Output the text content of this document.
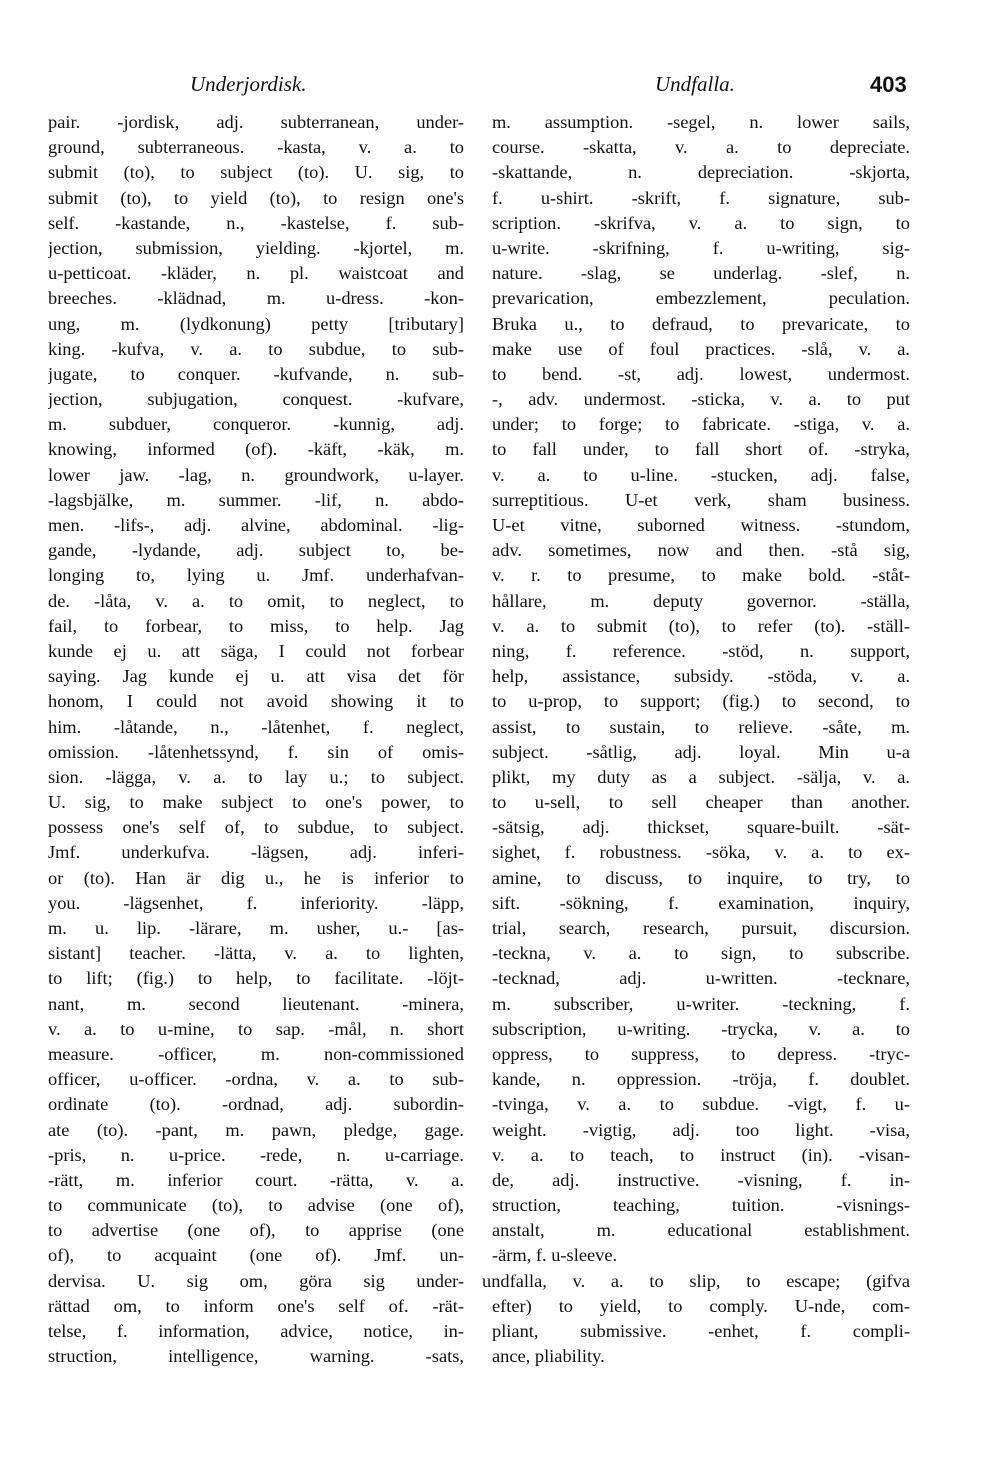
Underjordisk.	Undfalla.	403
pair. -jordisk, adj. subterranean, under-
ground, subterraneous. -kasta, v. a. to
submit (to), to subject (to). U. sig, to
submit (to), to yield (to), to resign one's
self. -kastande, n., -kastelse, f. sub-
jection, submission, yielding. -kjortel, m.
u-petticoat. -kläder, n. pl. waistcoat and
breeches. -klädnad, m. u-dress. -kon-
ung, m. (lydkonung) petty [tributary]
king. -kufva, v. a. to subdue, to sub-
jugate, to conquer. -kufvande, n. sub-
jection, subjugation, conquest. -kufvare,
m. subduer, conqueror. -kunnig, adj.
knowing, informed (of). -käft, -käk, m.
lower jaw. -lag, n. groundwork, u-layer.
-lagsbjälke, m. summer. -lif, n. abdo-
men. -lifs-, adj. alvine, abdominal. -lig-
gande, -lydande, adj. subject to, be-
longing to, lying u. Jmf. underhafvan-
de. -låta, v. a. to omit, to neglect, to
fail, to forbear, to miss, to help. Jag
kunde ej u. att säga, I could not forbear
saying. Jag kunde ej u. att visa det för
honom, I could not avoid showing it to
him. -låtande, n., -låtenhet, f. neglect,
omission. -låtenhetssynd, f. sin of omis-
sion. -lägga, v. a. to lay u.; to subject.
U. sig, to make subject to one's power, to
possess one's self of, to subdue, to subject.
Jmf. underkufva. -lägsen, adj. inferi-
or (to). Han är dig u., he is inferior to
you. -lägsenhet, f. inferiority. -läpp,
m. u. lip. -lärare, m. usher, u.- [as-
sistant] teacher. -lätta, v. a. to lighten,
to lift; (fig.) to help, to facilitate. -löjt-
nant, m. second lieutenant. -minera,
v. a. to u-mine, to sap. -mål, n. short
measure. -officer, m. non-commissioned
officer, u-officer. -ordna, v. a. to sub-
ordinate (to). -ordnad, adj. subordin-
ate (to). -pant, m. pawn, pledge, gage.
-pris, n. u-price. -rede, n. u-carriage.
-rätt, m. inferior court. -rätta, v. a.
to communicate (to), to advise (one of),
to advertise (one of), to apprise (one
of), to acquaint (one of). Jmf. un-
dervisa. U. sig om, göra sig under-
rättad om, to inform one's self of. -rät-
telse, f. information, advice, notice, in-
struction, intelligence, warning. -sats,
m. assumption. -segel, n. lower sails,
course. -skatta, v. a. to depreciate.
-skattande, n. depreciation. -skjorta,
f. u-shirt. -skrift, f. signature, sub-
scription. -skrifva, v. a. to sign, to
u-write. -skrifning, f. u-writing, sig-
nature. -slag, se underlag. -slef, n.
prevarication, embezzlement, peculation.
Bruka u., to defraud, to prevaricate, to
make use of foul practices. -slå, v. a.
to bend. -st, adj. lowest, undermost.
-, adv. undermost. -sticka, v. a. to put
under; to forge; to fabricate. -stiga, v. a.
to fall under, to fall short of. -stryka,
v. a. to u-line. -stucken, adj. false,
surreptitious. U-et verk, sham business.
U-et vitne, suborned witness. -stundom,
adv. sometimes, now and then. -stå sig,
v. r. to presume, to make bold. -ståt-
hållare, m. deputy governor. -ställa,
v. a. to submit (to), to refer (to). -ställ-
ning, f. reference. -stöd, n. support,
help, assistance, subsidy. -stöda, v. a.
to u-prop, to support; (fig.) to second, to
assist, to sustain, to relieve. -såte, m.
subject. -såtlig, adj. loyal. Min u-a
plikt, my duty as a subject. -sälja, v. a.
to u-sell, to sell cheaper than another.
-sätsig, adj. thickset, square-built. -sät-
sighet, f. robustness. -söka, v. a. to ex-
amine, to discuss, to inquire, to try, to
sift. -sökning, f. examination, inquiry,
trial, search, research, pursuit, discursion.
-teckna, v. a. to sign, to subscribe.
-tecknad, adj. u-written. -tecknare,
m. subscriber, u-writer. -teckning, f.
subscription, u-writing. -trycka, v. a. to
oppress, to suppress, to depress. -tryc-
kande, n. oppression. -tröja, f. doublet.
-tvinga, v. a. to subdue. -vigt, f. u-
weight. -vigtig, adj. too light. -visa,
v. a. to teach, to instruct (in). -visan-
de, adj. instructive. -visning, f. in-
struction, teaching, tuition. -visnings-
anstalt, m. educational establishment.
-ärm, f. u-sleeve.
undfalla, v. a. to slip, to escape; (gifva
efter) to yield, to comply. U-nde, com-
pliant, submissive. -enhet, f. compli-
ance, pliability.
